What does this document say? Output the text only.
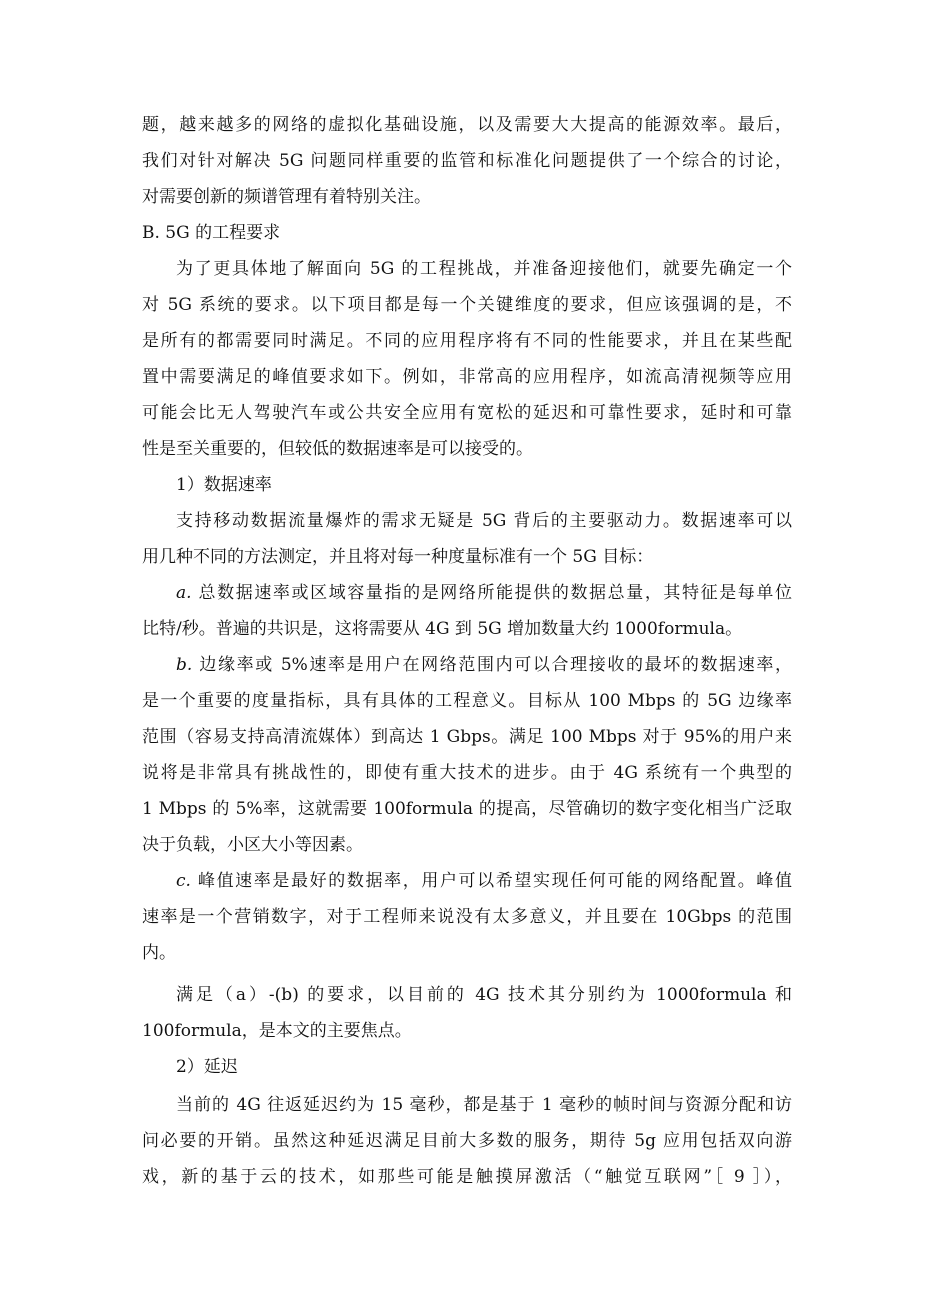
题，越来越多的网络的虚拟化基础设施，以及需要大大提高的能源效率。最后，
我们对针对解决 5G 问题同样重要的监管和标准化问题提供了一个综合的讨论，
对需要创新的频谱管理有着特别关注。
B. 5G 的工程要求
为了更具体地了解面向 5G 的工程挑战，并准备迎接他们，就要先确定一个
对 5G 系统的要求。以下项目都是每一个关键维度的要求，但应该强调的是，不
是所有的都需要同时满足。不同的应用程序将有不同的性能要求，并且在某些配
置中需要满足的峰值要求如下。例如，非常高的应用程序，如流高清视频等应用
可能会比无人驾驶汽车或公共安全应用有宽松的延迟和可靠性要求，延时和可靠
性是至关重要的，但较低的数据速率是可以接受的。
1）数据速率
支持移动数据流量爆炸的需求无疑是 5G 背后的主要驱动力。数据速率可以
用几种不同的方法测定，并且将对每一种度量标准有一个 5G 目标：
a. 总数据速率或区域容量指的是网络所能提供的数据总量，其特征是每单位
比特/秒。普遍的共识是，这将需要从 4G 到 5G 增加数量大约 1000formula。
b. 边缘率或 5%速率是用户在网络范围内可以合理接收的最坏的数据速率，
是一个重要的度量指标，具有具体的工程意义。目标从 100 Mbps 的 5G 边缘率
范围（容易支持高清流媒体）到高达 1 Gbps。满足 100 Mbps 对于 95%的用户来
说将是非常具有挑战性的，即使有重大技术的进步。由于 4G 系统有一个典型的
1 Mbps 的 5%率，这就需要 100formula 的提高，尽管确切的数字变化相当广泛取
决于负载，小区大小等因素。
c. 峰值速率是最好的数据率，用户可以希望实现任何可能的网络配置。峰值
速率是一个营销数字，对于工程师来说没有太多意义，并且要在 10Gbps 的范围
内。
满足（a）-(b) 的要求，以目前的 4G 技术其分别约为 1000formula 和
100formula，是本文的主要焦点。
2）延迟
当前的 4G 往返延迟约为 15 毫秒，都是基于 1 毫秒的帧时间与资源分配和访
问必要的开销。虽然这种延迟满足目前大多数的服务，期待 5g 应用包括双向游
戏，新的基于云的技术，如那些可能是触摸屏激活（“触觉互联网”［ 9 ］），
